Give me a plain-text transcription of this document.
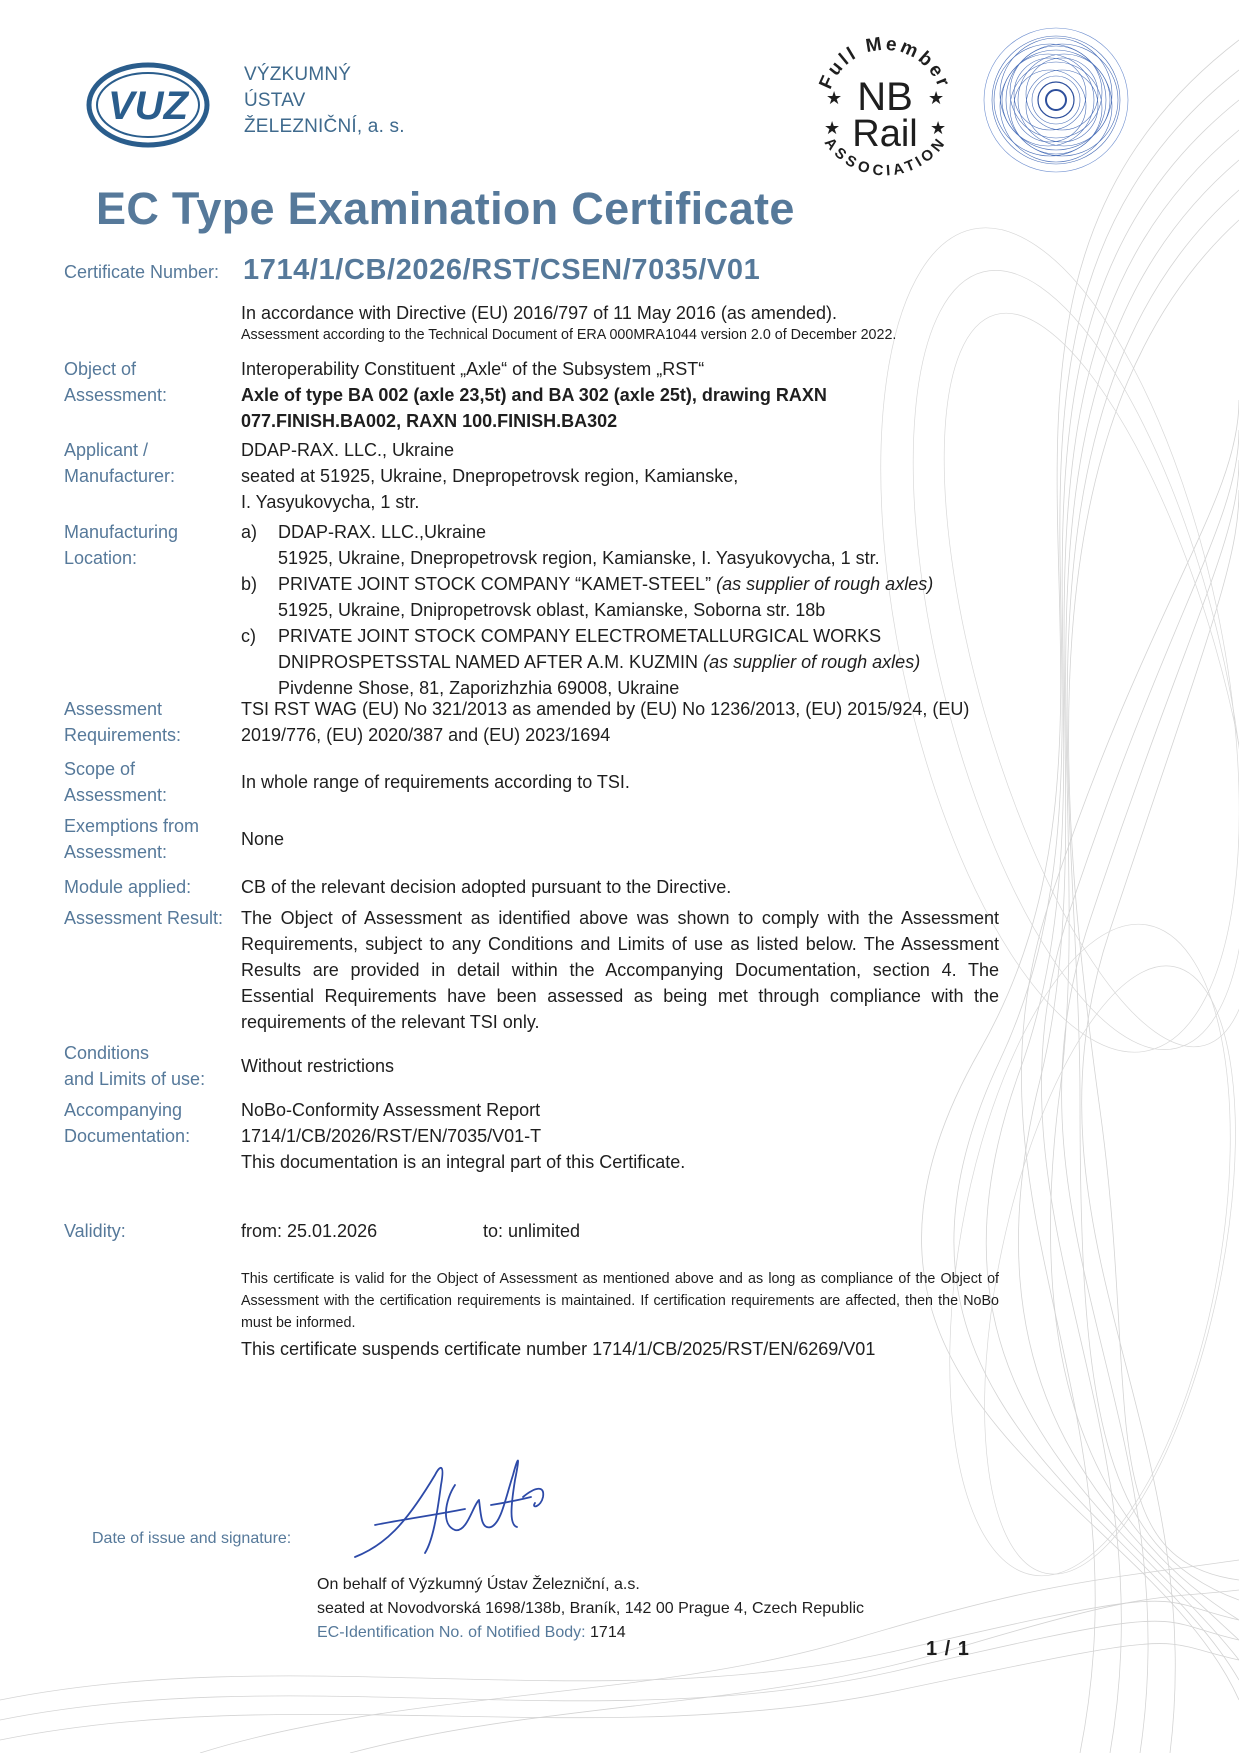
VUZ
VÝZKUMNÝ
ÚSTAV
ŽELEZNIČNÍ, a. s.
Full Member
ASSOCIATION
NB
Rail
★	★
★	★
EC Type Examination Certificate
Certificate Number: 1714/1/CB/2026/RST/CSEN/7035/V01
In accordance with Directive (EU) 2016/797 of 11 May 2016 (as amended).
Assessment according to the Technical Document of ERA 000MRA1044 version 2.0 of December 2022.
Object of
Assessment:
Interoperability Constituent „Axle“ of the Subsystem „RST“
Axle of type BA 002 (axle 23,5t) and BA 302 (axle 25t), drawing RAXN
077.FINISH.BA002, RAXN 100.FINISH.BA302
Applicant /
Manufacturer:
DDAP-RAX. LLC., Ukraine
seated at 51925, Ukraine, Dnepropetrovsk region, Kamianske,
I. Yasyukovycha, 1 str.
Manufacturing
Location:
a) DDAP-RAX. LLC.,Ukraine
51925, Ukraine, Dnepropetrovsk region, Kamianske, I. Yasyukovycha, 1 str.
b) PRIVATE JOINT STOCK COMPANY “KAMET-STEEL” (as supplier of rough axles)
51925, Ukraine, Dnipropetrovsk oblast, Kamianske, Soborna str. 18b
c) PRIVATE JOINT STOCK COMPANY ELECTROMETALLURGICAL WORKS
DNIPROSPETSSTAL NAMED AFTER A.M. KUZMIN (as supplier of rough axles)
Pivdenne Shose, 81, Zaporizhzhia 69008, Ukraine
Assessment
Requirements:
TSI RST WAG (EU) No 321/2013 as amended by (EU) No 1236/2013, (EU) 2015/924, (EU) 2019/776, (EU) 2020/387 and (EU) 2023/1694
Scope of
Assessment:
In whole range of requirements according to TSI.
Exemptions from
Assessment:
None
Module applied:	CB of the relevant decision adopted pursuant to the Directive.
Assessment Result: The Object of Assessment as identified above was shown to comply with the Assessment Requirements, subject to any Conditions and Limits of use as listed below. The Assessment Results are provided in detail within the Accompanying Documentation, section 4. The Essential Requirements have been assessed as being met through compliance with the requirements of the relevant TSI only.
Conditions
and Limits of use:
Without restrictions
Accompanying
Documentation:
NoBo-Conformity Assessment Report
1714/1/CB/2026/RST/EN/7035/V01-T
This documentation is an integral part of this Certificate.
Validity:	from: 25.01.2026	to: unlimited
This certificate is valid for the Object of Assessment as mentioned above and as long as compliance of the Object of Assessment with the certification requirements is maintained. If certification requirements are affected, then the NoBo must be informed.
This certificate suspends certificate number 1714/1/CB/2025/RST/EN/6269/V01
Date of issue and signature:
On behalf of Výzkumný Ústav Železniční, a.s.
seated at Novodvorská 1698/138b, Braník, 142 00 Prague 4, Czech Republic
EC-Identification No. of Notified Body: 1714
1 / 1
